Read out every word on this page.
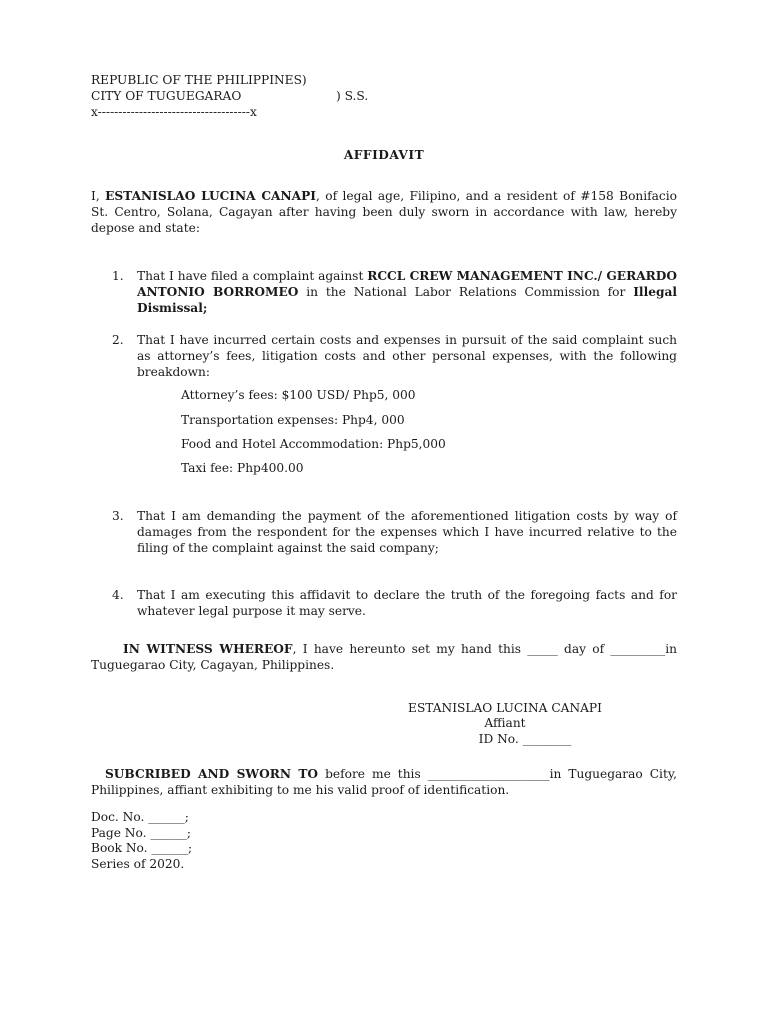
REPUBLIC OF THE PHILIPPINES)
CITY OF TUGUEGARAO	) S.S.
x-------------------------------------x
AFFIDAVIT
I, ESTANISLAO LUCINA CANAPI, of legal age, Filipino, and a resident of #158 Bonifacio St. Centro, Solana, Cagayan after having been duly sworn in accordance with law, hereby depose and state:
1.	That I have filed a complaint against RCCL CREW MANAGEMENT INC./ GERARDO ANTONIO BORROMEO in the National Labor Relations Commission for Illegal Dismissal;
2.	That I have incurred certain costs and expenses in pursuit of the said complaint such as attorney’s fees, litigation costs and other personal expenses, with the following breakdown:
Attorney’s fees: $100 USD/ Php5, 000
Transportation expenses: Php4, 000
Food and Hotel Accommodation: Php5,000
Taxi fee: Php400.00
3.	That I am demanding the payment of the aforementioned litigation costs by way of damages from the respondent for the expenses which I have incurred relative to the filing of the complaint against the said company;
4.	That I am executing this affidavit to declare the truth of the foregoing facts and for whatever legal purpose it may serve.
IN WITNESS WHEREOF, I have hereunto set my hand this _____ day of _________in Tuguegarao City, Cagayan, Philippines.
ESTANISLAO LUCINA CANAPI
Affiant
ID No. ________
SUBCRIBED AND SWORN TO before me this ____________________in Tuguegarao City, Philippines, affiant exhibiting to me his valid proof of identification.
Doc. No. ______;
Page No. ______;
Book No. ______;
Series of 2020.
